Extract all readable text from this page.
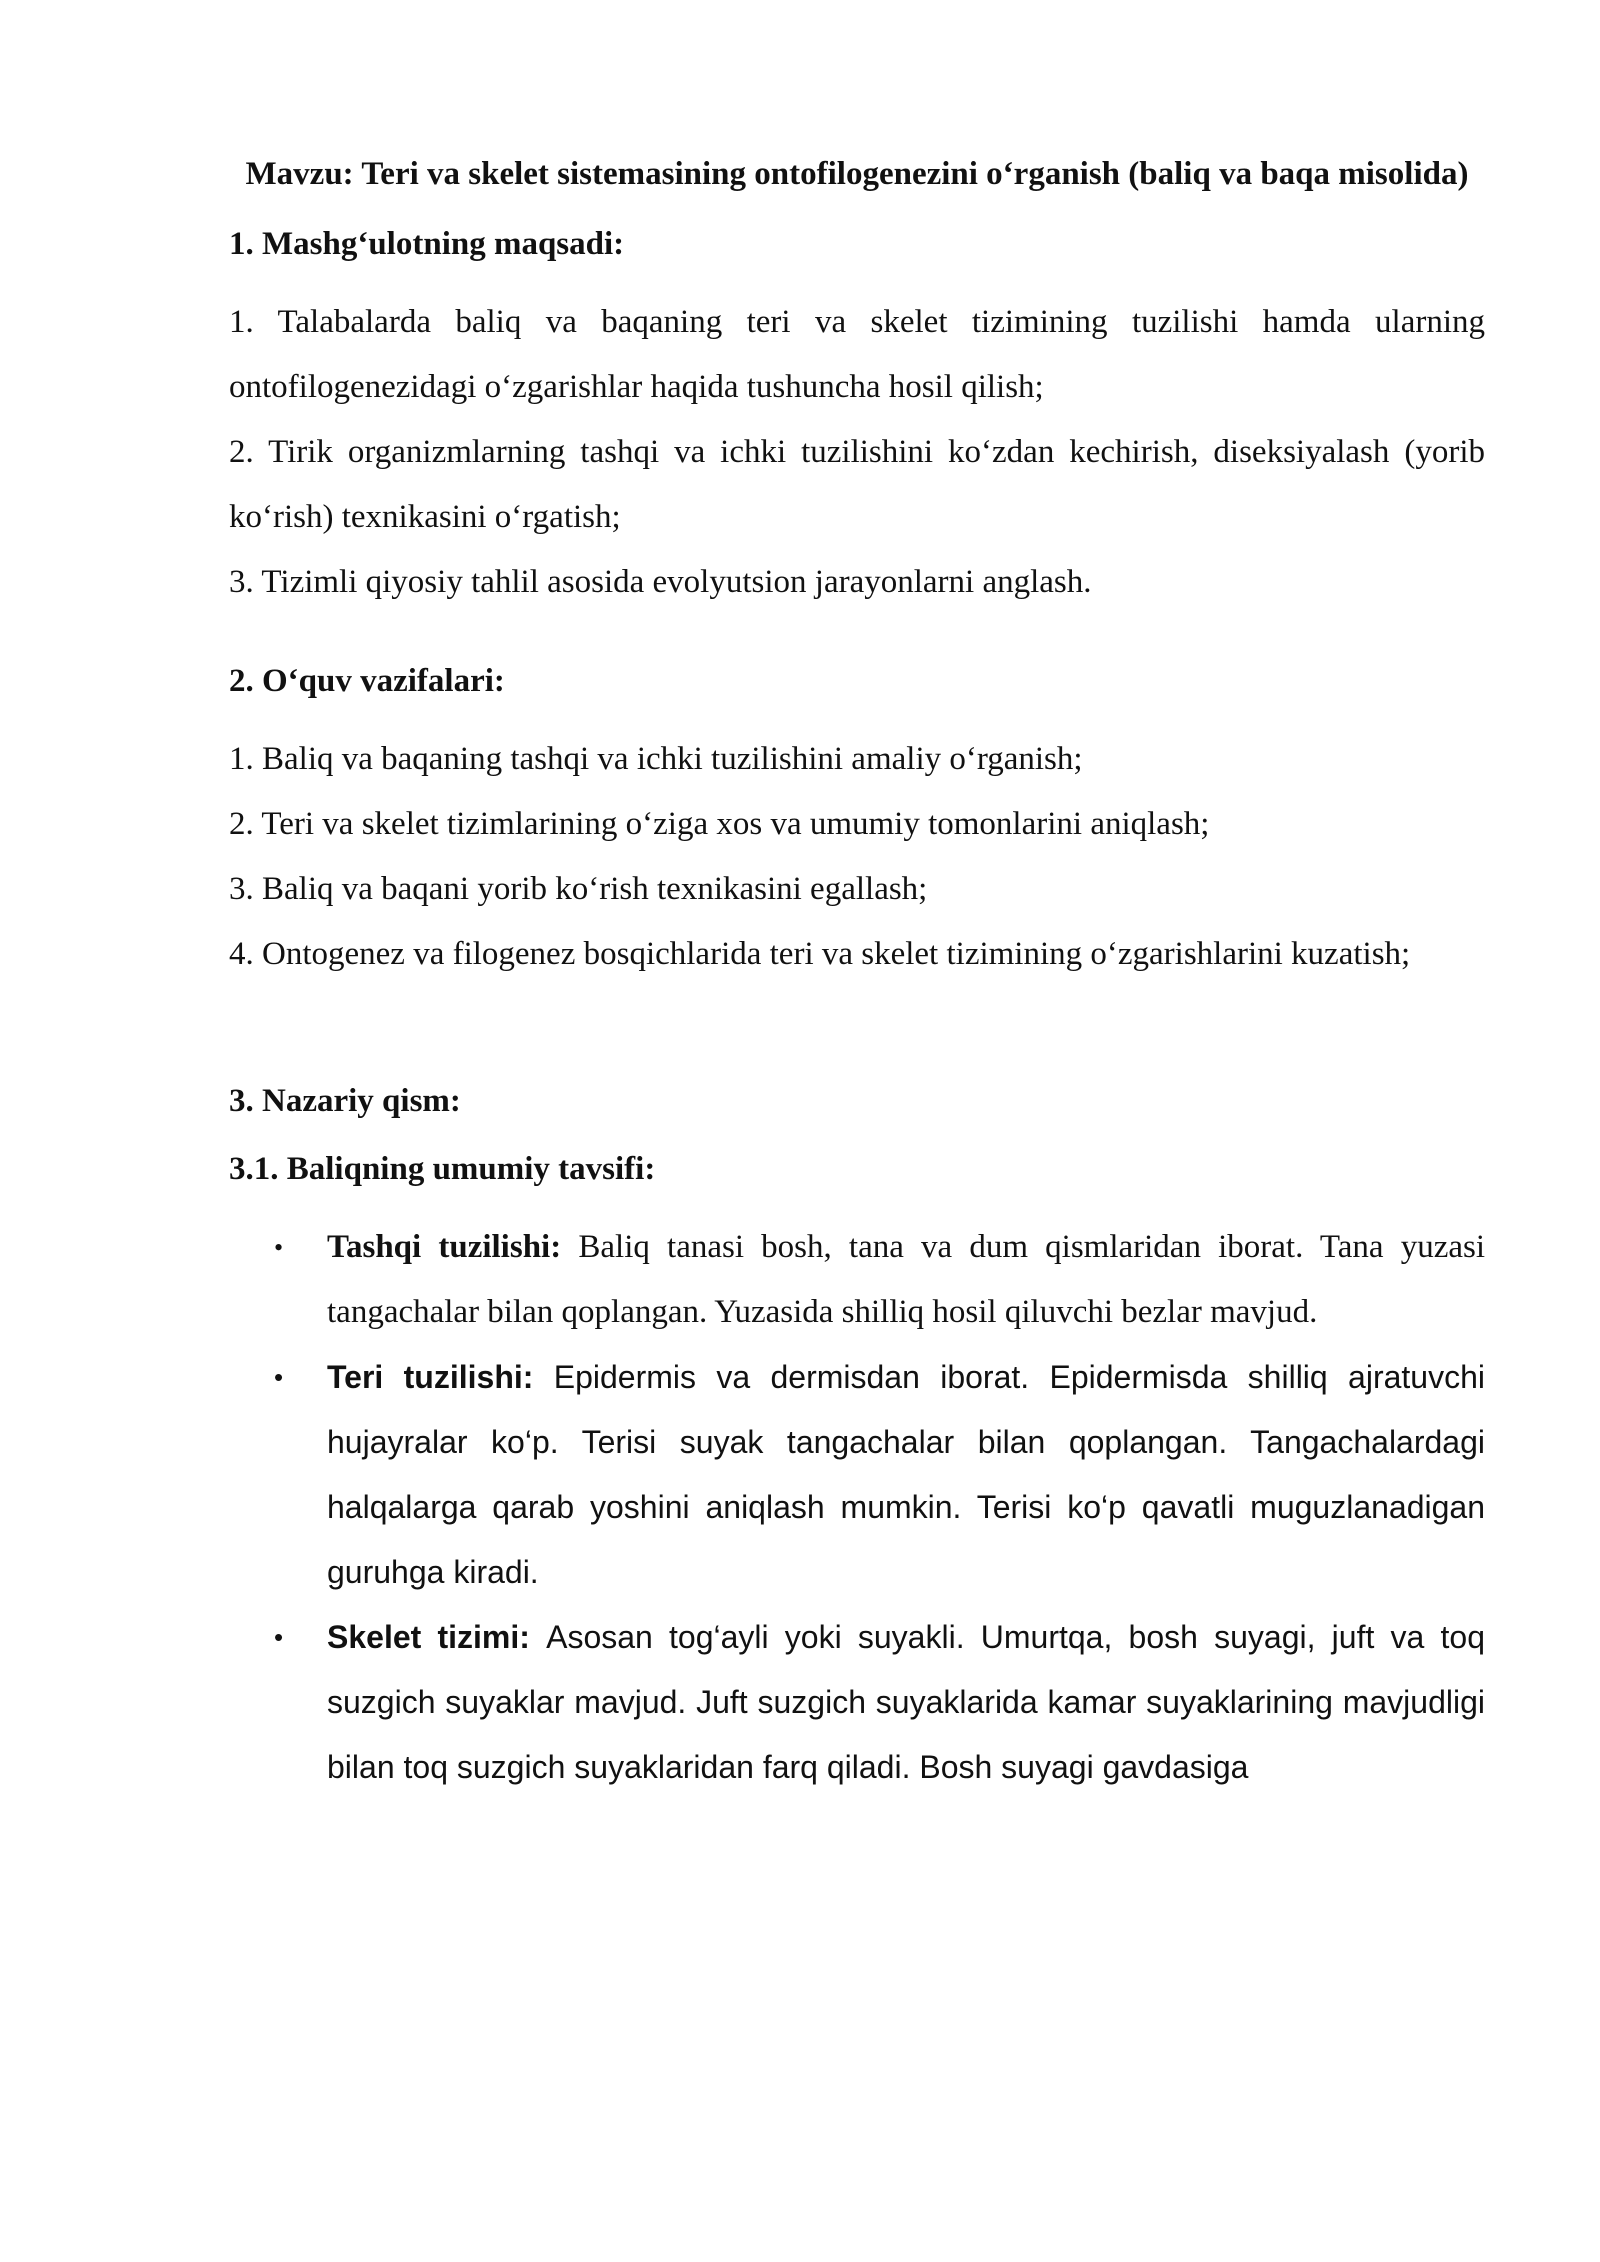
Mavzu: Teri va skelet sistemasining ontofilogenezini o‘rganish (baliq va baqa misolida)
1. Mashg‘ulotning maqsadi:

1. Talabalarda baliq va baqaning teri va skelet tizimining tuzilishi hamda ularning ontofilogenezidagi o‘zgarishlar haqida tushuncha hosil qilish;

2. Tirik organizmlarning tashqi va ichki tuzilishini ko‘zdan kechirish, diseksiyalash (yorib ko‘rish) texnikasini o‘rgatish;

3. Tizimli qiyosiy tahlil asosida evolyutsion jarayonlarni anglash.

2. O‘quv vazifalari:

1. Baliq va baqaning tashqi va ichki tuzilishini amaliy o‘rganish;

2. Teri va skelet tizimlarining o‘ziga xos va umumiy tomonlarini aniqlash;

3. Baliq va baqani yorib ko‘rish texnikasini egallash;

4. Ontogenez va filogenez bosqichlarida teri va skelet tizimining o‘zgarishlarini kuzatish;

3. Nazariy qism:
3.1. Baliqning umumiy tavsifi:
• Tashqi tuzilishi: Baliq tanasi bosh, tana va dum qismlaridan iborat. Tana yuzasi tangachalar bilan qoplangan. Yuzasida shilliq hosil qiluvchi bezlar mavjud.
• Teri tuzilishi: Epidermis va dermisdan iborat. Epidermisda shilliq ajratuvchi hujayralar ko‘p. Terisi suyak tangachalar bilan qoplangan. Tangachalardagi halqalarga qarab yoshini aniqlash mumkin. Terisi ko‘p qavatli muguzlanadigan guruhga kiradi.
• Skelet tizimi: Asosan tog‘ayli yoki suyakli. Umurtqa, bosh suyagi, juft va toq suzgich suyaklar mavjud. Juft suzgich suyaklarida kamar suyaklarining mavjudligi bilan toq suzgich suyaklaridan farq qiladi. Bosh suyagi gavdasiga
